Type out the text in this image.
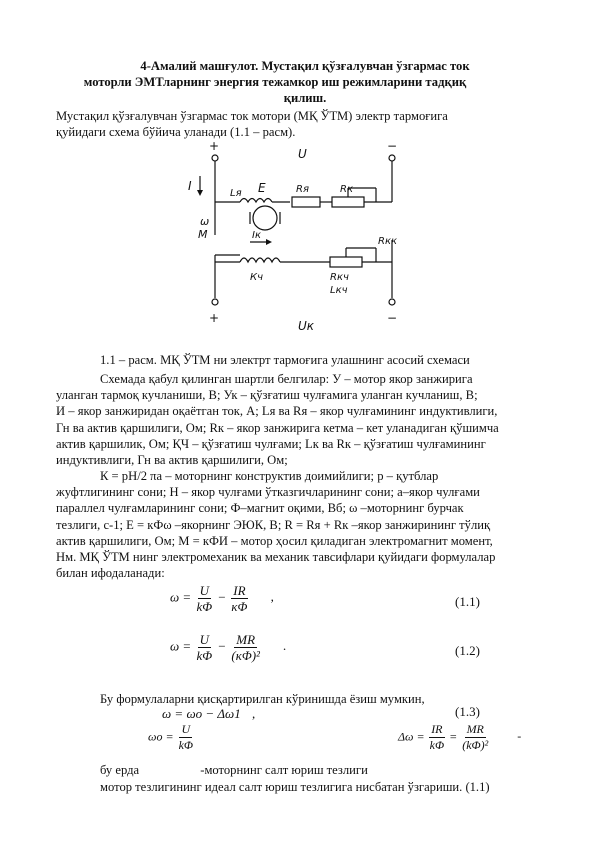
4-Амалий машғулот. Мустақил қўзғалувчан ўзгармас ток
моторли ЭМТларнинг энергия тежамкор иш режимларини тадқиқ
қилиш.
Мустақил қўзғалувчан ўзгармас ток мотори (МҚ ЎТМ) электр тармоғига
қуйидаги схема бўйича уланади (1.1 – расм).
+	−
I
U
Lя E	Rя	Rк
ω
M	Iк
Rкк
Кч	Rкч
Lкч
Uк
+	−
1.1 – расм. МҚ ЎТМ ни электрт тармоғига улашнинг асосий схемаси
Схемада қабул қилинган шартли белгилар: У – мотор якор занжирига
уланган тармоқ кучланиши, В; Ук – қўзғатиш чулғамига уланган кучланиш, В;
И – якор занжиридан оқаётган ток, А; Lя ва Rя – якор чулғамининг индуктивлиги,
Гн ва актив қаршилиги, Ом; Rк – якор занжирига кетма – кет уланадиган қўшимча
актив қаршилик, Ом; ҚЧ – қўзғатиш чулғами; Lк ва Rк – қўзғатиш чулғамининг
индуктивлиги, Гн ва актив қаршилиги, Ом;
К = рН/2 πа – моторнинг конструктив доимийлиги; р – қутблар
жуфтлигининг сони; Н – якор чулғами ўтказгичларининг сони; а–якор чулғами
параллел чулғамларининг сони; Ф–магнит оқими, Вб; ω –моторнинг бурчак
тезлиги, с-1; Е = кФω –якорнинг ЭЮК, В; R = Rя + Rк –якор занжирининг тўлиқ
актив қаршилиги, Ом; М = кФИ – мотор ҳосил қиладиган электромагнит момент,
Нм. МҚ ЎТМ нинг электромеханик ва механик тавсифлари қуйидаги формулалар
билан ифодаланади:
$\omega = \frac{U}{k\Phi} - \frac{IR}{к\Phi}$ ,	(1.1)
$\omega = \frac{U}{k\Phi} - \frac{MR}{\text{(кΦ)²}}$ .	(1.2)
Бу формулаларни қисқартирилган кўринишда ёзиш мумкин,
ω = ωo − Δω1 ,	(1.3)
$\omega o = \frac{U}{k\Phi}$	$\Delta\omega = \frac{IR}{k\Phi} = \frac{MR}{\text{(kΦ)²}}$ -
бу ерда	-моторнинг салт юриш тезлиги
мотор тезлигининг идеал салт юриш тезлигига нисбатан ўзгариши. (1.1)
